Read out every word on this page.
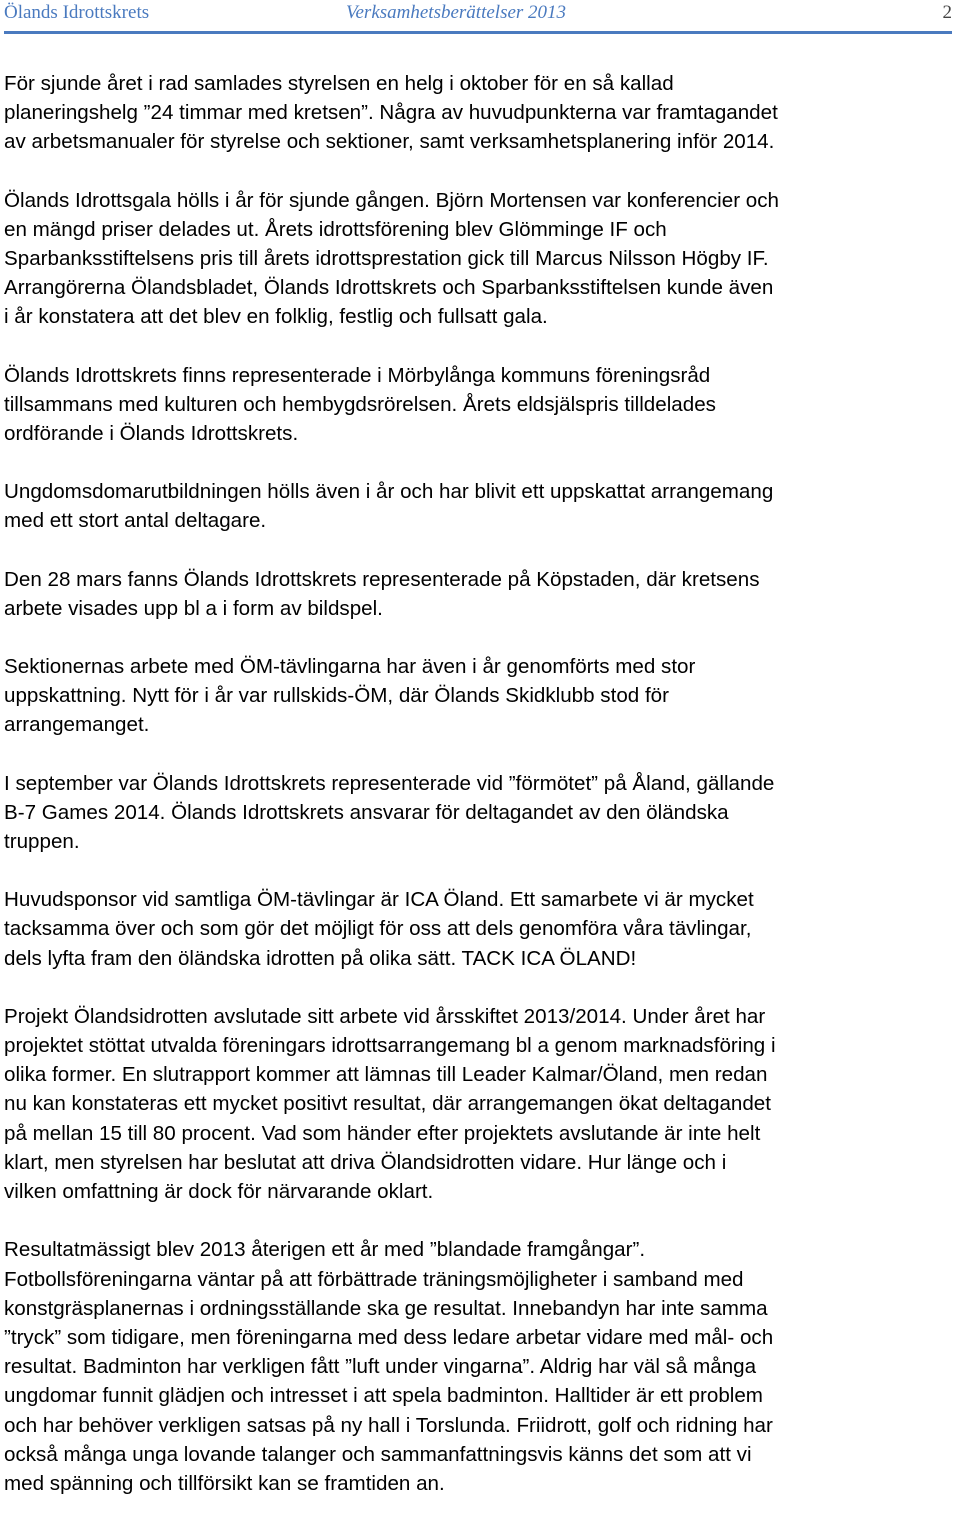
Ölands Idrottskrets	Verksamhetsberättelser 2013	2

För sjunde året i rad samlades styrelsen en helg i oktober för en så kallad
planeringshelg ”24 timmar med kretsen”. Några av huvudpunkterna var framtagandet
av arbetsmanualer för styrelse och sektioner, samt verksamhetsplanering inför 2014.

Ölands Idrottsgala hölls i år för sjunde gången. Björn Mortensen var konferencier och
en mängd priser delades ut. Årets idrottsförening blev Glömminge IF och
Sparbanksstiftelsens pris till årets idrottsprestation gick till Marcus Nilsson Högby IF.
Arrangörerna Ölandsbladet, Ölands Idrottskrets och Sparbanksstiftelsen kunde även
i år konstatera att det blev en folklig, festlig och fullsatt gala.

Ölands Idrottskrets finns representerade i Mörbylånga kommuns föreningsråd
tillsammans med kulturen och hembygdsrörelsen. Årets eldsjälspris tilldelades
ordförande i Ölands Idrottskrets.

Ungdomsdomarutbildningen hölls även i år och har blivit ett uppskattat arrangemang
med ett stort antal deltagare.

Den 28 mars fanns Ölands Idrottskrets representerade på Köpstaden, där kretsens
arbete visades upp bl a i form av bildspel.

Sektionernas arbete med ÖM-tävlingarna har även i år genomförts med stor
uppskattning. Nytt för i år var rullskids-ÖM, där Ölands Skidklubb stod för
arrangemanget.

I september var Ölands Idrottskrets representerade vid ”förmötet” på Åland, gällande
B-7 Games 2014. Ölands Idrottskrets ansvarar för deltagandet av den öländska
truppen.

Huvudsponsor vid samtliga ÖM-tävlingar är ICA Öland. Ett samarbete vi är mycket
tacksamma över och som gör det möjligt för oss att dels genomföra våra tävlingar,
dels lyfta fram den öländska idrotten på olika sätt. TACK ICA ÖLAND!

Projekt Ölandsidrotten avslutade sitt arbete vid årsskiftet 2013/2014. Under året har
projektet stöttat utvalda föreningars idrottsarrangemang bl a genom marknadsföring i
olika former. En slutrapport kommer att lämnas till Leader Kalmar/Öland, men redan
nu kan konstateras ett mycket positivt resultat, där arrangemangen ökat deltagandet
på mellan 15 till 80 procent. Vad som händer efter projektets avslutande är inte helt
klart, men styrelsen har beslutat att driva Ölandsidrotten vidare. Hur länge och i
vilken omfattning är dock för närvarande oklart.

Resultatmässigt blev 2013 återigen ett år med ”blandade framgångar”.
Fotbollsföreningarna väntar på att förbättrade träningsmöjligheter i samband med
konstgräsplanernas i ordningsställande ska ge resultat. Innebandyn har inte samma
”tryck” som tidigare, men föreningarna med dess ledare arbetar vidare med mål- och
resultat. Badminton har verkligen fått ”luft under vingarna”. Aldrig har väl så många
ungdomar funnit glädjen och intresset i att spela badminton. Halltider är ett problem
och har behöver verkligen satsas på ny hall i Torslunda. Friidrott, golf och ridning har
också många unga lovande talanger och sammanfattningsvis känns det som att vi
med spänning och tillförsikt kan se framtiden an.
